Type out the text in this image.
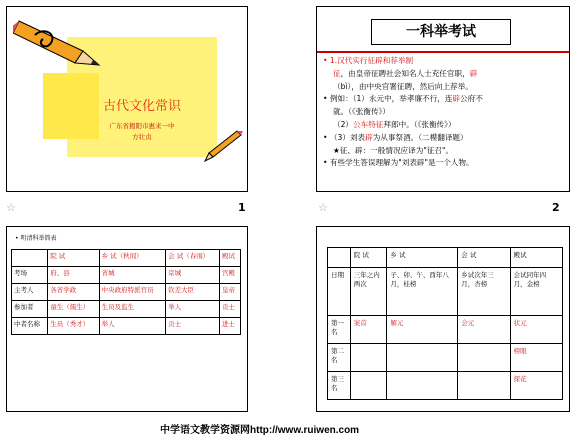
古代文化常识
广东省揭阳市惠来一中
方壮贞
☆	1
一科举考试

• 1.汉代实行征辟和荐举制

征，由皇帝征聘社会知名人士充任官职，辟

（bì），由中央官署征聘，然后向上荐举。

• 例如：（1）永元中，举孝廉不行，连辟公府不

就。（《张衡传》）

（2）公车特征拜郎中。（《张衡传》）

• （3）刘表辟为从事祭酒。（二模翻译题）

★征、辟：一般情况应译为"征召"。

• 有些学生答误理解为"刘表辟"是一个人物。

☆	2
• 明清科举简表
	院 试	乡 试（秋闱）	会 试（春闱）	殿试
考场	府、县	省城	京城	宫殿
主考人	各省学政	中央政府特派官员	钦差大臣	皇帝
参加者	童生（儒生）	生员及监生	举人	贡士
中者名称	生员（秀才）	举人	贡士	进士
	院 试	乡 试	会 试	殿试
日期	三年之内两次	子、卯、午、酉年八月，桂榜	乡试次年三月，杏榜	会试同年四月，金榜
第一名	案首	解元	会元	状元
第二名				榜眼
第三名				探花
中学语文教学资源网http://www.ruiwen.com
